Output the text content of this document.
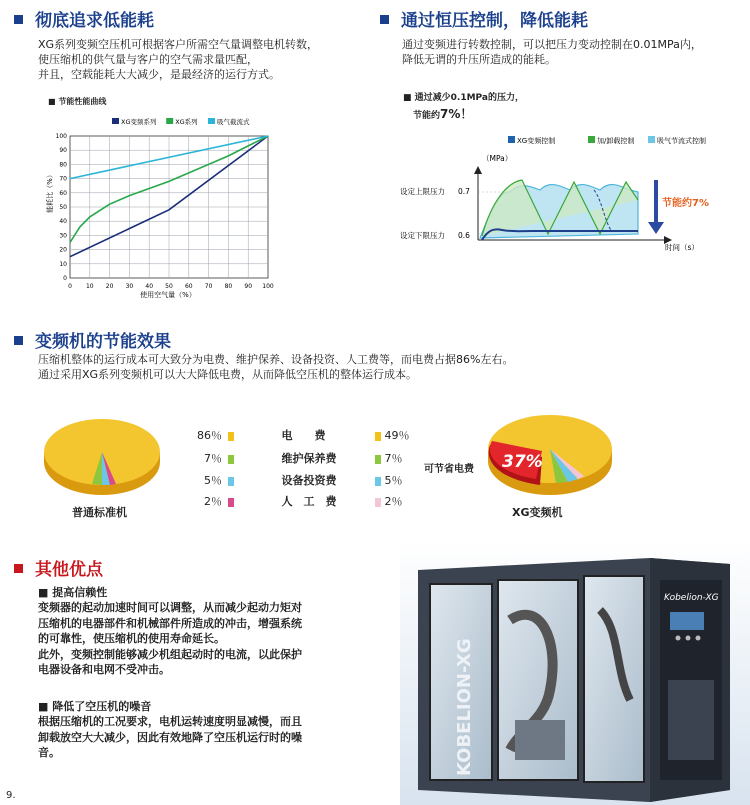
彻底追求低能耗
XG系列变频空压机可根据客户所需空气量调整电机转数，
使压缩机的供气量与客户的空气需求量匹配，
并且，空载能耗大大减少，是最经济的运行方式。
■ 节能性能曲线
XG变频系列	XG系列	吸气截流式
0 10 20 30 40 50 60 70 80 90 100
0
10
20
30
40
50
60
70
80
90
100
使用空气量（%）
能耗比（%）
通过恒压控制，降低能耗
通过变频进行转数控制，可以把压力变动控制在0.01MPa内，
降低无谓的升压所造成的能耗。
■ 通过减少0.1MPa的压力，
节能约7%！
XG变频控制	加/卸载控制	吸气节流式控制
（MPa）
设定上限压力 0.7
设定下限压力 0.6
节能约7%
时间（s）
变频机的节能效果
压缩机整体的运行成本可大致分为电费、维护保养、设备投资、人工费等，而电费占据86%左右。
通过采用XG系列变频机可以大大降低电费，从而降低空压机的整体运行成本。
普通标准机
86％	电　　费	49％
7％	维护保养费	7％
5％	设备投资费	5％
2％	人　工　费	2％
37%
可节省电费
XG变频机
其他优点
■ 提高信赖性
变频器的起动加速时间可以调整，从而减少起动力矩对
压缩机的电器部件和机械部件所造成的冲击，增强系统
的可靠性，使压缩机的使用寿命延长。
此外，变频控制能够减少机组起动时的电流，以此保护
电器设备和电网不受冲击。
■ 降低了空压机的噪音
根据压缩机的工况要求，电机运转速度明显减慢，而且
卸载放空大大减少，因此有效地降了空压机运行时的噪
音。	KOBELION-XG
Kobelion-XG
9.
